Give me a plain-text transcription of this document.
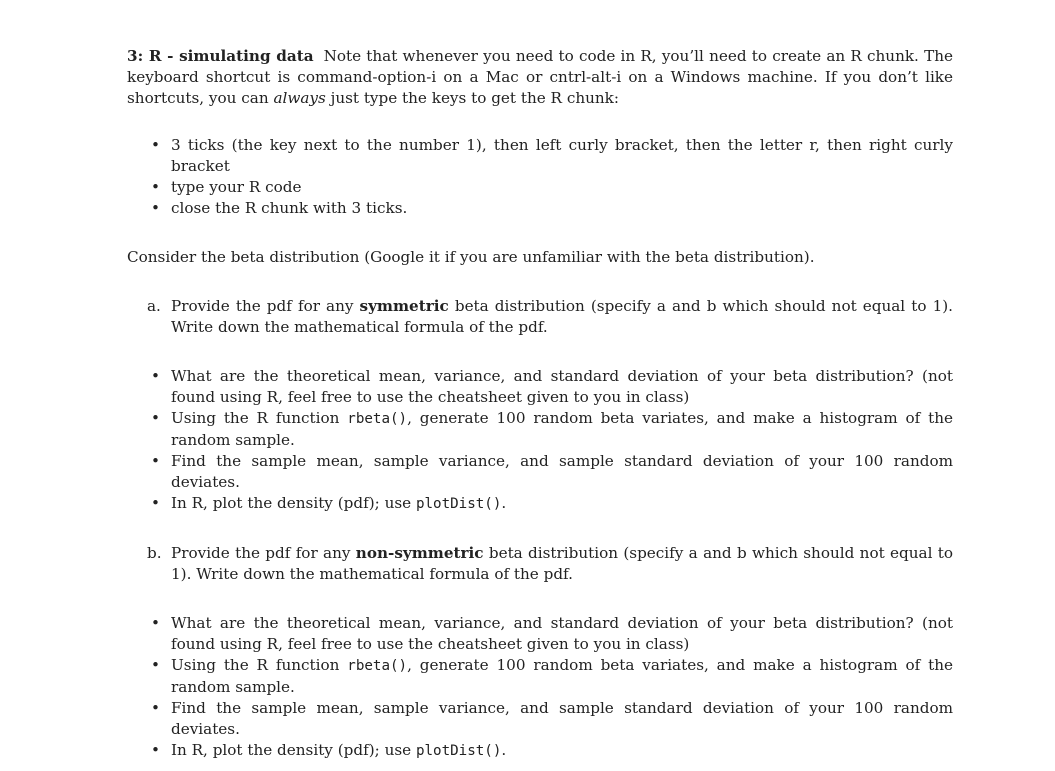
3: R - simulating data Note that whenever you need to code in R, you’ll need to create an R chunk. The keyboard shortcut is command-option-i on a Mac or cntrl-alt-i on a Windows machine. If you don’t like shortcuts, you can always just type the keys to get the R chunk:

• 3 ticks (the key next to the number 1), then left curly bracket, then the letter r, then right curly bracket
• type your R code
• close the R chunk with 3 ticks.

Consider the beta distribution (Google it if you are unfamiliar with the beta distribution).

a. Provide the pdf for any symmetric beta distribution (specify a and b which should not equal to 1). Write down the mathematical formula of the pdf.
• What are the theoretical mean, variance, and standard deviation of your beta distribution? (not found using R, feel free to use the cheatsheet given to you in class)
• Using the R function rbeta(), generate 100 random beta variates, and make a histogram of the random sample.
• Find the sample mean, sample variance, and sample standard deviation of your 100 random deviates.
• In R, plot the density (pdf); use plotDist().
b. Provide the pdf for any non-symmetric beta distribution (specify a and b which should not equal to 1). Write down the mathematical formula of the pdf.
• What are the theoretical mean, variance, and standard deviation of your beta distribution? (not found using R, feel free to use the cheatsheet given to you in class)
• Using the R function rbeta(), generate 100 random beta variates, and make a histogram of the random sample.
• Find the sample mean, sample variance, and sample standard deviation of your 100 random deviates.
• In R, plot the density (pdf); use plotDist().
